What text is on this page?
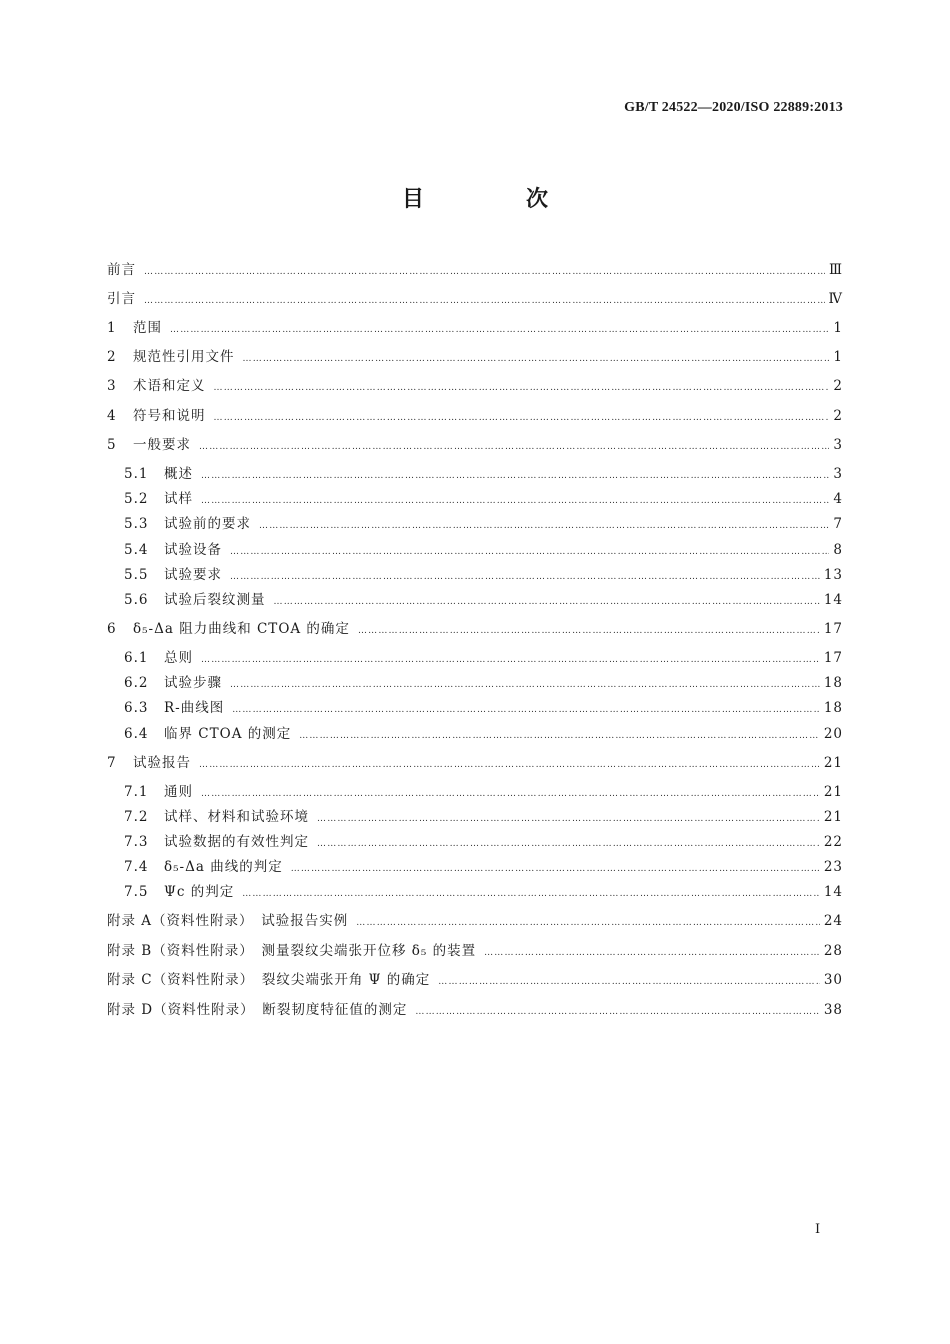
GB/T 24522—2020/ISO 22889:2013
目　次
前言 …………………………………………………………………………………………………………………………………………………………………………………………………………………………………………………………	Ⅲ
引言 …………………………………………………………………………………………………………………………………………………………………………………………………………………………………………………………	Ⅳ
1	范围 …………………………………………………………………………………………………………………………………………………………………………………………………………………………………………………………	1
2	规范性引用文件 …………………………………………………………………………………………………………………………………………………………………………………………………………………………………………………………	1
3	术语和定义 …………………………………………………………………………………………………………………………………………………………………………………………………………………………………………………………	2
4	符号和说明 …………………………………………………………………………………………………………………………………………………………………………………………………………………………………………………………	2
5	一般要求 …………………………………………………………………………………………………………………………………………………………………………………………………………………………………………………………	3
5.1	概述 …………………………………………………………………………………………………………………………………………………………………………………………………………………………………………………………	3
5.2	试样 …………………………………………………………………………………………………………………………………………………………………………………………………………………………………………………………	4
5.3	试验前的要求 …………………………………………………………………………………………………………………………………………………………………………………………………………………………………………………………	7
5.4	试验设备 …………………………………………………………………………………………………………………………………………………………………………………………………………………………………………………………	8
5.5	试验要求 …………………………………………………………………………………………………………………………………………………………………………………………………………………………………………………………	13
5.6	试验后裂纹测量 …………………………………………………………………………………………………………………………………………………………………………………………………………………………………………………………	14
6	δ₅-Δa 阻力曲线和 CTOA 的确定 …………………………………………………………………………………………………………………………………………………………………………………………………………………………………………………………	17
6.1	总则 …………………………………………………………………………………………………………………………………………………………………………………………………………………………………………………………	17
6.2	试验步骤 …………………………………………………………………………………………………………………………………………………………………………………………………………………………………………………………	18
6.3	R-曲线图 …………………………………………………………………………………………………………………………………………………………………………………………………………………………………………………………	18
6.4	临界 CTOA 的测定 …………………………………………………………………………………………………………………………………………………………………………………………………………………………………………………………	20
7	试验报告 …………………………………………………………………………………………………………………………………………………………………………………………………………………………………………………………	21
7.1	通则 …………………………………………………………………………………………………………………………………………………………………………………………………………………………………………………………	21
7.2	试样、材料和试验环境 …………………………………………………………………………………………………………………………………………………………………………………………………………………………………………………………	21
7.3	试验数据的有效性判定 …………………………………………………………………………………………………………………………………………………………………………………………………………………………………………………………	22
7.4	δ₅-Δa 曲线的判定 …………………………………………………………………………………………………………………………………………………………………………………………………………………………………………………………	23
7.5	Ψc 的判定 …………………………………………………………………………………………………………………………………………………………………………………………………………………………………………………………	14
附录 A（资料性附录）　试验报告实例 …………………………………………………………………………………………………………………………………………………………………………………………………………………………………………………………	24
附录 B（资料性附录）　测量裂纹尖端张开位移 δ₅ 的装置 …………………………………………………………………………………………………………………………………………………………………………………………………………………………………………………………	28
附录 C（资料性附录）　裂纹尖端张开角 Ψ 的确定 …………………………………………………………………………………………………………………………………………………………………………………………………………………………………………………………	30
附录 D（资料性附录）　断裂韧度特征值的测定 …………………………………………………………………………………………………………………………………………………………………………………………………………………………………………………………	38
I
